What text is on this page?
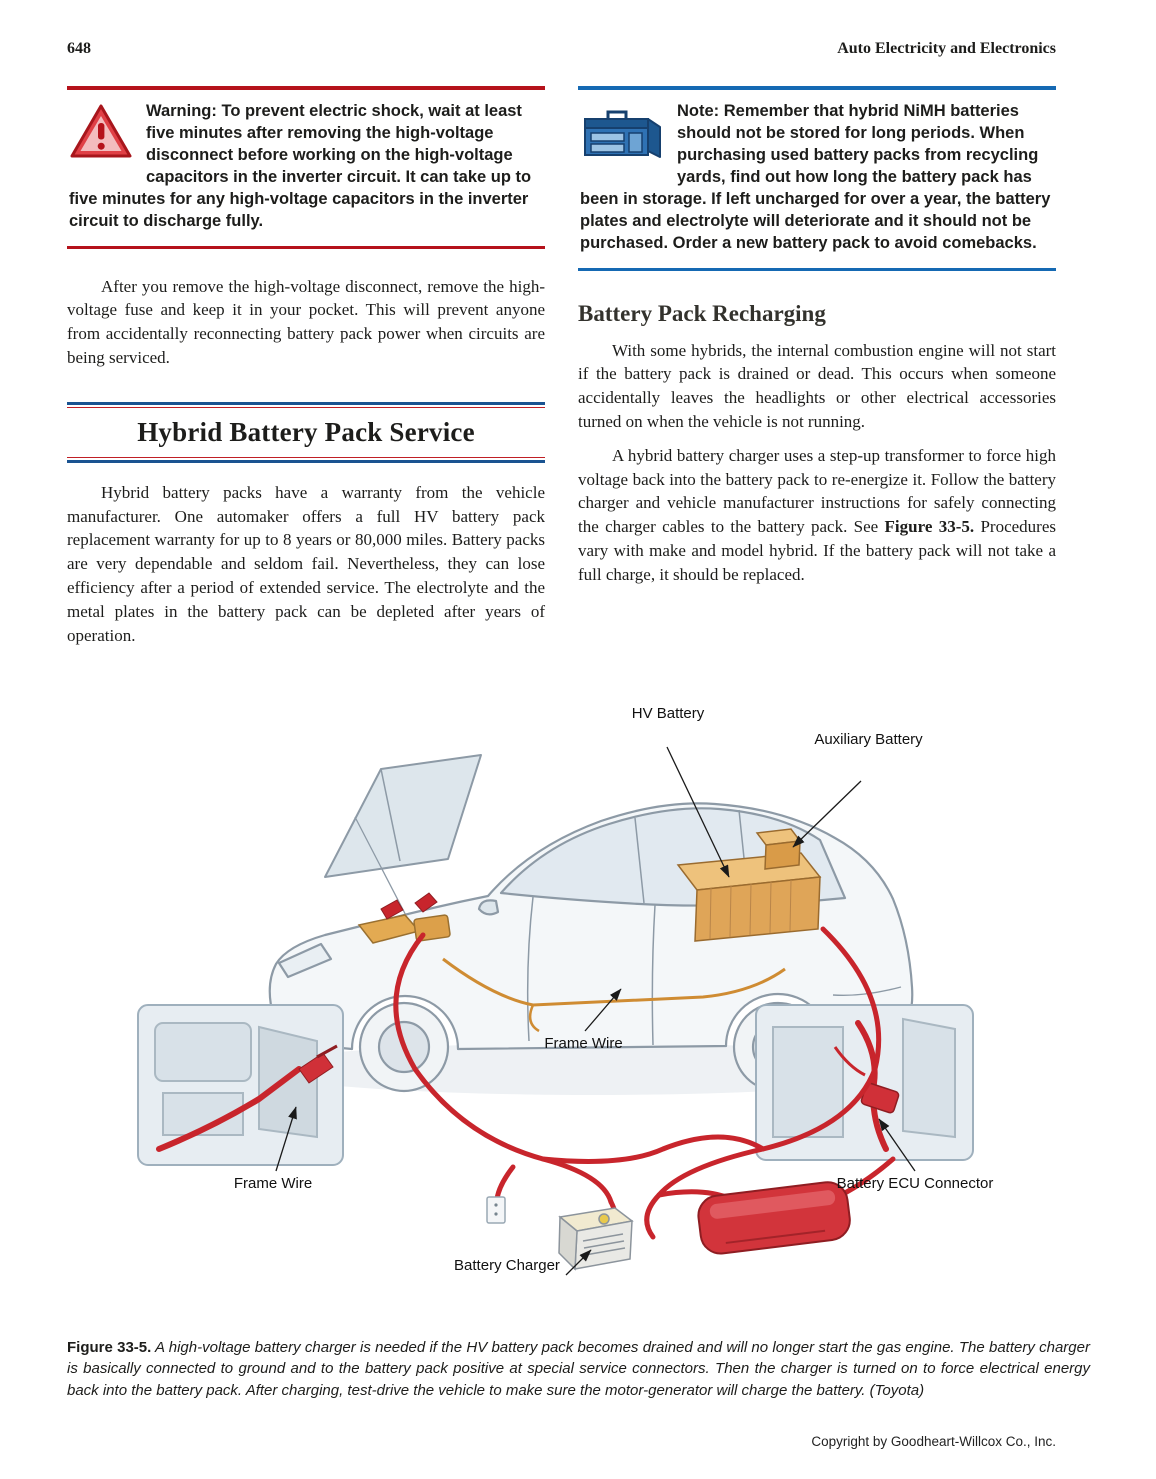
648	Auto Electricity and Electronics
Warning: To prevent electric shock, wait at least five minutes after removing the high-voltage disconnect before working on the high-voltage capacitors in the inverter circuit. It can take up to five minutes for any high-voltage capacitors in the inverter circuit to discharge fully.

After you remove the high-voltage disconnect, remove the high-voltage fuse and keep it in your pocket. This will prevent anyone from accidentally reconnecting battery pack power when circuits are being serviced.

Hybrid Battery Pack Service

Hybrid battery packs have a warranty from the vehicle manufacturer. One automaker offers a full HV battery pack replacement warranty for up to 8 years or 80,000 miles. Battery packs are very dependable and seldom fail. Nevertheless, they can lose efficiency after a period of extended service. The electrolyte and the metal plates in the battery pack can be depleted after years of operation.

Note: Remember that hybrid NiMH batteries should not be stored for long periods. When purchasing used battery packs from recycling yards, find out how long the battery pack has been in storage. If left uncharged for over a year, the battery plates and electrolyte will deteriorate and it should not be purchased. Order a new battery pack to avoid comebacks.
Battery Pack Recharging

With some hybrids, the internal combustion engine will not start if the battery pack is drained or dead. This occurs when someone accidentally leaves the headlights or other electrical accessories turned on when the vehicle is not running.

A hybrid battery charger uses a step-up transformer to force high voltage back into the battery pack to re-energize it. Follow the battery charger and vehicle manufacturer instructions for safely connecting the charger cables to the battery pack. See Figure 33-5. Procedures vary with make and model hybrid. If the battery pack will not take a full charge, it should be replaced.

HV Battery
Auxiliary Battery
Frame Wire
Frame Wire	Battery ECU Connector
Battery Charger

Figure 33-5. A high-voltage battery charger is needed if the HV battery pack becomes drained and will no longer start the gas engine. The battery charger is basically connected to ground and to the battery pack positive at special service connectors. Then the charger is turned on to force electrical energy back into the battery pack. After charging, test-drive the vehicle to make sure the motor-generator will charge the battery. (Toyota)

Copyright by Goodheart-Willcox Co., Inc.
